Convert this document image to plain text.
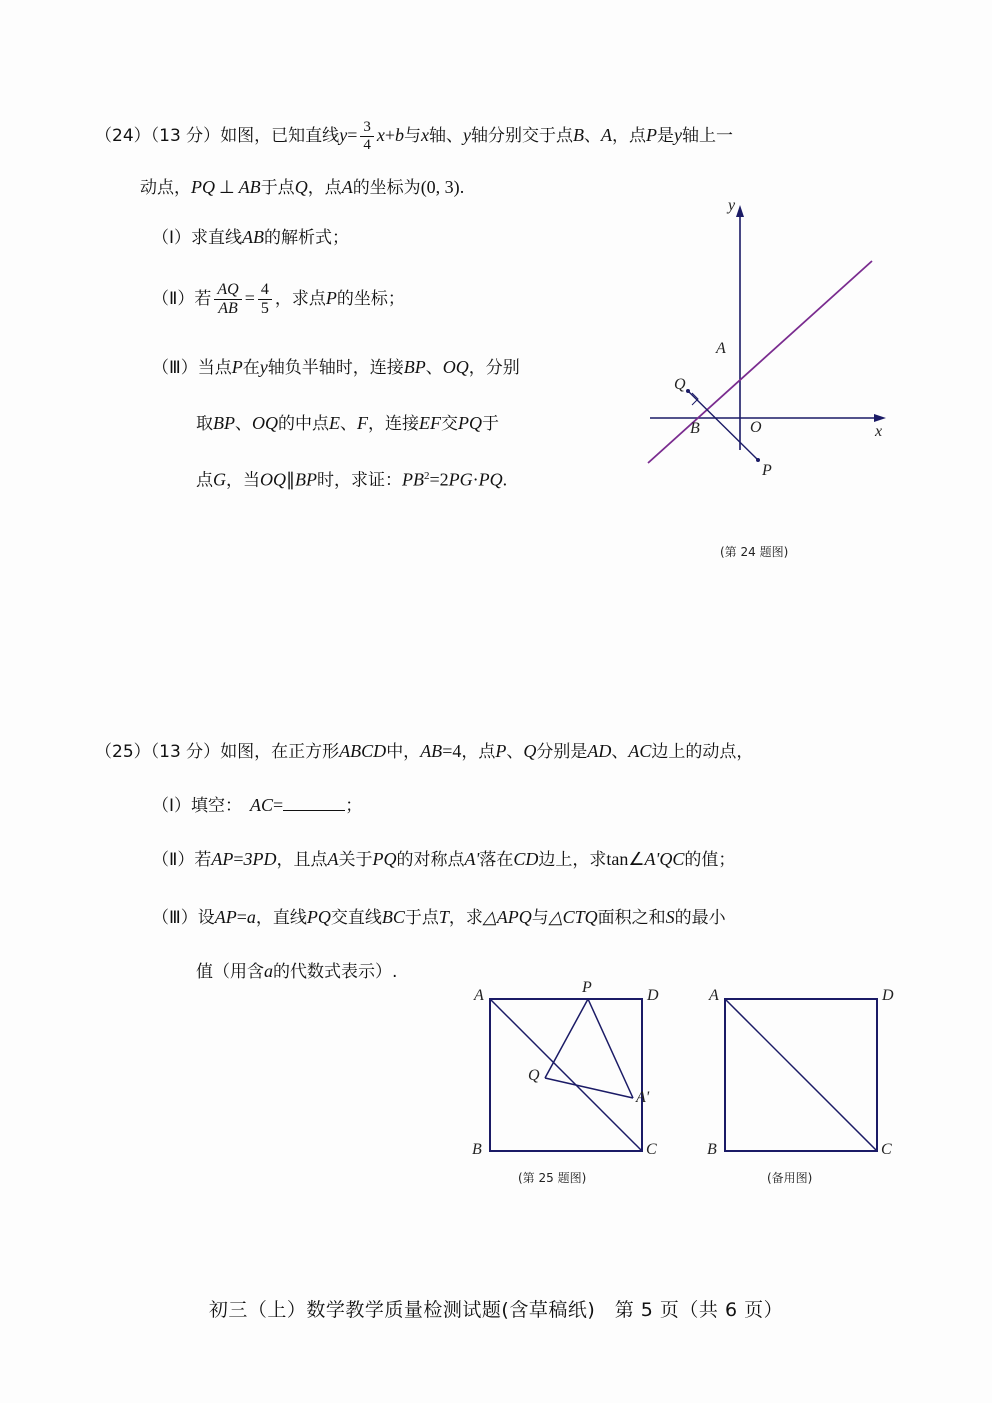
（24）（13 分）如图，已知直线$y= \frac{3}{4} x+b$与x轴、y轴分别交于点B、A，点P是y轴上一
动点，PQ ⊥ AB于点Q，点A的坐标为(0, 3).
（Ⅰ）求直线AB的解析式；
（Ⅱ）若 $\frac{AQ}{AB} = \frac{4}{5}$ ，求点P的坐标；
（Ⅲ）当点P在y轴负半轴时，连接BP、OQ，分别
取BP、OQ的中点E、F，连接EF交PQ于
点G，当OQ∥BP时，求证：$PB^2=2PG\cdot PQ$.
A
Q
B	O
P
y
x
(第 24 题图)
（25）（13 分）如图，在正方形ABCD中，AB=4，点P、Q分别是AD、AC边上的动点，
（Ⅰ）填空： AC=	；
（Ⅱ）若AP=3PD，且点A关于PQ的对称点A'落在CD边上，求tan∠A'QC的值；
（Ⅲ）设AP=a，直线PQ交直线BC于点T，求△APQ与△CTQ面积之和S的最小
值（用含a的代数式表示）.
A	P	D
Q
A'
B	C
(第 25 题图)
A	D
B	C
(备用图)
初三（上）数学教学质量检测试题(含草稿纸)　第 5 页（共 6 页）
